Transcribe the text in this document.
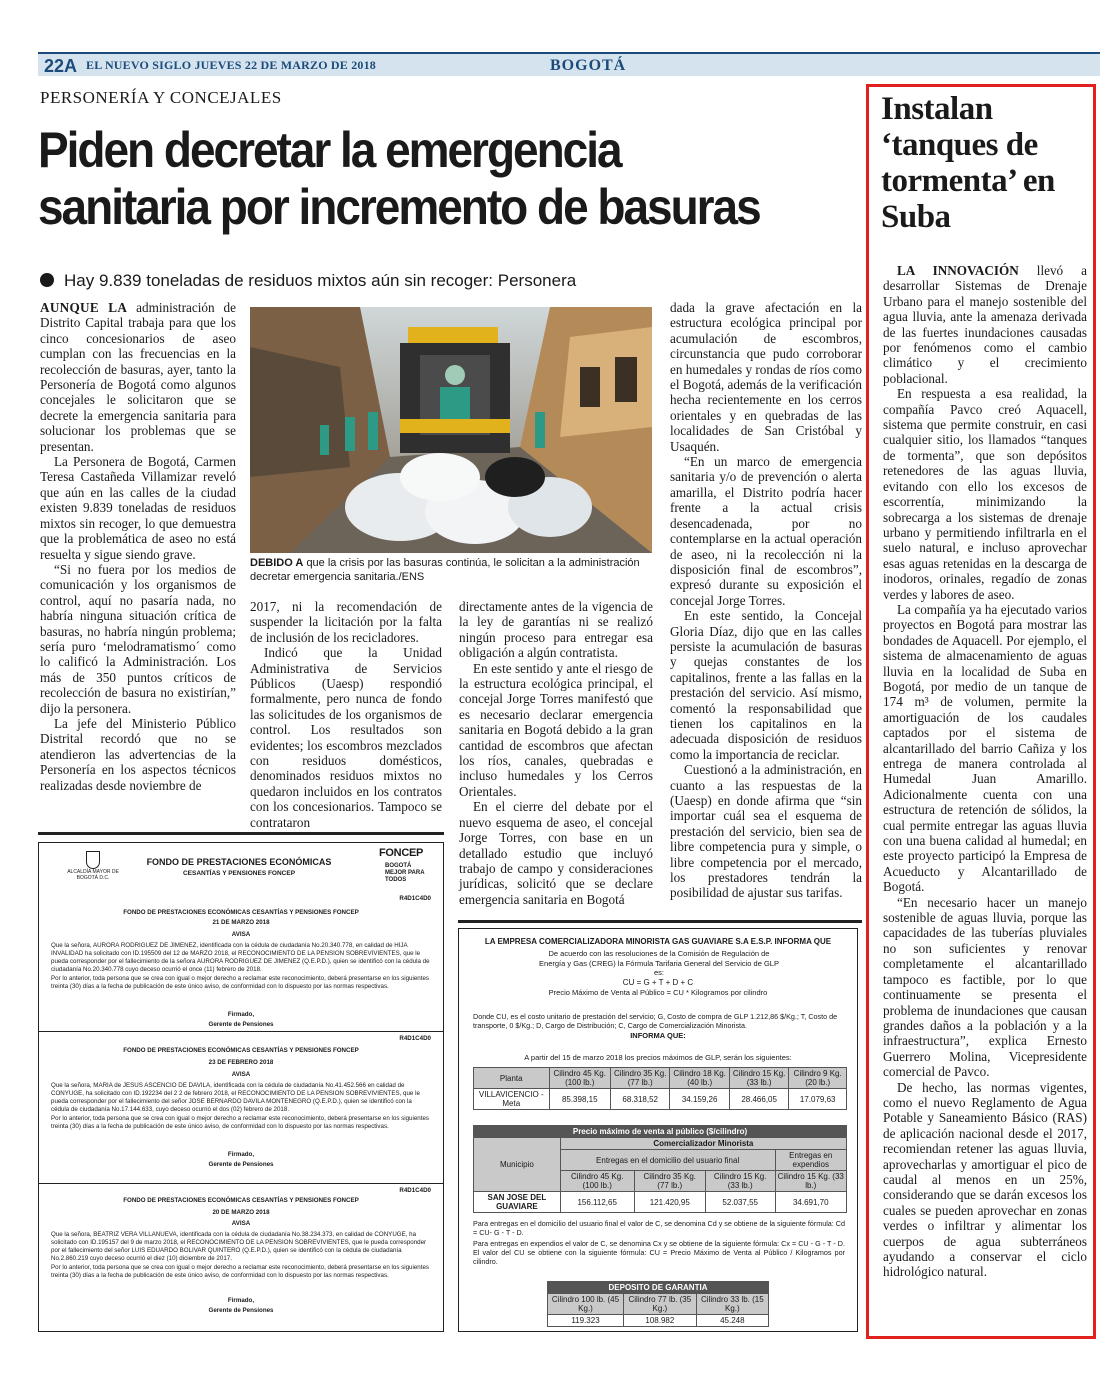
22A EL NUEVO SIGLO JUEVES 22 DE MARZO DE 2018	BOGOTÁ
PERSONERÍA Y CONCEJALES
Piden decretar la emergencia sanitaria por incremento de basuras
Hay 9.839 toneladas de residuos mixtos aún sin recoger: Personera

AUNQUE LA administración de Distrito Capital trabaja para que los cinco concesionarios de aseo cumplan con las frecuencias en la recolección de basuras, ayer, tanto la Personería de Bogotá como algunos concejales le solicitaron que se decrete la emergencia sanitaria para solucionar los problemas que se presentan.

La Personera de Bogotá, Carmen Teresa Castañeda Villamizar reveló que aún en las calles de la ciudad existen 9.839 toneladas de residuos mixtos sin recoger, lo que demuestra que la problemática de aseo no está resuelta y sigue siendo grave.

“Si no fuera por los medios de comunicación y los organismos de control, aquí no pasaría nada, no habría ninguna situación crítica de basuras, no habría ningún problema; sería puro ‘melodramatismo´ como lo calificó la Administración. Los más de 350 puntos críticos de recolección de basura no existirían,” dijo la personera.

La jefe del Ministerio Público Distrital recordó que no se atendieron las advertencias de la Personería en los aspectos técnicos realizadas desde noviembre de

DEBIDO A que la crisis por las basuras continúa, le solicitan a la administración decretar emergencia sanitaria./ENS

2017, ni la recomendación de suspender la licitación por la falta de inclusión de los recicladores.

Indicó que la Unidad Administrativa de Servicios Públicos (Uaesp) respondió formalmente, pero nunca de fondo las solicitudes de los organismos de control. Los resultados son evidentes; los escombros mezclados con residuos domésticos, denominados residuos mixtos no quedaron incluidos en los contratos con los concesionarios. Tampoco se contrataron

directamente antes de la vigencia de la ley de garantías ni se realizó ningún proceso para entregar esa obligación a algún contratista.

En este sentido y ante el riesgo de la estructura ecológica principal, el concejal Jorge Torres manifestó que es necesario declarar emergencia sanitaria en Bogotá debido a la gran cantidad de escombros que afectan los ríos, canales, quebradas e incluso humedales y los Cerros Orientales.

En el cierre del debate por el nuevo esquema de aseo, el concejal Jorge Torres, con base en un detallado estudio que incluyó trabajo de campo y consideraciones jurídicas, solicitó que se declare emergencia sanitaria en Bogotá

dada la grave afectación en la estructura ecológica principal por acumulación de escombros, circunstancia que pudo corroborar en humedales y rondas de ríos como el Bogotá, además de la verificación hecha recientemente en los cerros orientales y en quebradas de las localidades de San Cristóbal y Usaquén.

“En un marco de emergencia sanitaria y/o de prevención o alerta amarilla, el Distrito podría hacer frente a la actual crisis desencadenada, por no contemplarse en la actual operación de aseo, ni la recolección ni la disposición final de escombros”, expresó durante su exposición el concejal Jorge Torres.

En este sentido, la Concejal Gloria Díaz, dijo que en las calles persiste la acumulación de basuras y quejas constantes de los capitalinos, frente a las fallas en la prestación del servicio. Así mismo, comentó la responsabilidad que tienen los capitalinos en la adecuada disposición de residuos como la importancia de reciclar.

Cuestionó a la administración, en cuanto a las respuestas de la (Uaesp) en donde afirma que “sin importar cuál sea el esquema de prestación del servicio, bien sea de libre competencia pura y simple, o libre competencia por el mercado, los prestadores tendrán la posibilidad de ajustar sus tarifas.

ALCALDÍA MAYOR DE BOGOTÁ D.C.
FONDO DE PRESTACIONES ECONÓMICAS
CESANTÍAS Y PENSIONES FONCEP
FONCEP
BOGOTÁ MEJOR PARA TODOS
R4D1C4D0
FONDO DE PRESTACIONES ECONÓMICAS CESANTÍAS Y PENSIONES FONCEP
21 DE MARZO 2018
AVISA
Que la señora, AURORA RODRIGUEZ DE JIMENEZ, identificada con la cédula de ciudadanía No.20.340.778, en calidad de HIJA INVALIDAD ha solicitado con ID.195509 del 12 de MARZO 2018, el RECONOCIMIENTO DE LA PENSION SOBREVIVIENTES, que le pueda corresponder por el fallecimiento de la señora AURORA RODRIGUEZ DE JIMENEZ (Q.E.P.D.), quien se identificó con la cédula de ciudadanía No.20.340.778 cuyo deceso ocurrió el once (11) febrero de 2018.
Por lo anterior, toda persona que se crea con igual o mejor derecho a reclamar este reconocimiento, deberá presentarse en los siguientes treinta (30) días a la fecha de publicación de este único aviso, de conformidad con lo dispuesto por las normas respectivas.
Firmado,
Gerente de Pensiones
R4D1C4D0
FONDO DE PRESTACIONES ECONÓMICAS CESANTÍAS Y PENSIONES FONCEP
23 DE FEBRERO 2018
AVISA
Que la señora, MARIA de JESUS ASCENCIO DE DAVILA, identificada con la cédula de ciudadanía No.41.452.566 en calidad de CONYUGE, ha solicitado con ID.192234 del 2 2 de febrero 2018, el RECONOCIMIENTO DE LA PENSION SOBREVIVIENTES, que le pueda corresponder por el fallecimiento del señor JOSE BERNARDO DAVILA MONTENEGRO (Q.E.P.D.), quien se identificó con la cédula de ciudadanía No.17.144.633, cuyo deceso ocurrió el dos (02) febrero de 2018.
Por lo anterior, toda persona que se crea con igual o mejor derecho a reclamar este reconocimiento, deberá presentarse en los siguientes treinta (30) días a la fecha de publicación de este único aviso, de conformidad con lo dispuesto por las normas respectivas.
Firmado,
Gerente de Pensiones
R4D1C4D0
FONDO DE PRESTACIONES ECONÓMICAS CESANTÍAS Y PENSIONES FONCEP
20 DE MARZO 2018
AVISA
Que la señora, BEATRIZ VERA VILLANUEVA, identificada con la cédula de ciudadanía No.38.234.373, en calidad de CONYUGE, ha solicitado con ID.195157 del 9 de marzo 2018, el RECONOCIMIENTO DE LA PENSION SOBREVIVIENTES, que le pueda corresponder por el fallecimiento del señor LUIS EDUARDO BOLIVAR QUINTERO (Q.E.P.D.), quien se identificó con la cédula de ciudadanía No.2.860.219 cuyo deceso ocurrió el diez (10) diciembre de 2017.
Por lo anterior, toda persona que se crea con igual o mejor derecho a reclamar este reconocimiento, deberá presentarse en los siguientes treinta (30) días a la fecha de publicación de este único aviso, de conformidad con lo dispuesto por las normas respectivas.
Firmado,
Gerente de Pensiones
LA EMPRESA COMERCIALIZADORA MINORISTA GAS GUAVIARE S.A E.S.P. INFORMA QUE
De acuerdo con las resoluciones de la Comisión de Regulación de Energía y Gas (CREG) la Fórmula Tarifaria General del Servicio de GLP es:
CU = G + T + D + C
Precio Máximo de Venta al Público = CU * Kilogramos por cilindro
Donde CU, es el costo unitario de prestación del servicio; G, Costo de compra de GLP 1.212,86 $/Kg.; T, Costo de transporte, 0 $/Kg.; D, Cargo de Distribución; C, Cargo de Comercialización Minorista.
INFORMA QUE:
A partir del 15 de marzo 2018 los precios máximos de GLP, serán los siguientes:
Planta	Cilindro 45 Kg. (100 lb.)	Cilindro 35 Kg. (77 lb.)	Cilindro 18 Kg. (40 lb.)	Cilindro 15 Kg. (33 lb.)	Cilindro 9 Kg. (20 lb.)
VILLAVICENCIO - Meta	85.398,15	68.318,52	34.159,26	28.466,05	17.079,63
Precio máximo de venta al público ($/cilindro)				
Municipio	Comercializador Minorista			
	Entregas en el domicilio del usuario final			Entregas en expendios
	Cilindro 45 Kg. (100 lb.)	Cilindro 35 Kg. (77 lb.)	Cilindro 15 Kg. (33 lb.)	Cilindro 15 Kg. (33 lb.)
SAN JOSE DEL GUAVIARE	156.112,65	121.420,95	52.037,55	34.691,70
Para entregas en el domicilio del usuario final el valor de C, se denomina Cd y se obtiene de la siguiente fórmula: Cd = CU- G - T - D.
Para entregas en expendios el valor de C, se denomina Cx y se obtiene de la siguiente fórmula: Cx = CU - G - T - D. El valor del CU se obtiene con la siguiente fórmula: CU = Precio Máximo de Venta al Público / Kilogramos por cilindro.
DEPOSITO DE GARANTIA		
Cilindro 100 lb. (45 Kg.)	Cilindro 77 lb. (35 Kg.)	Cilindro 33 lb. (15 Kg.)
119.323	108.982	45.248
Instalan ‘tanques de tormenta’ en Suba

LA INNOVACIÓN llevó a desarrollar Sistemas de Drenaje Urbano para el manejo sostenible del agua lluvia, ante la amenaza derivada de las fuertes inundaciones causadas por fenómenos como el cambio climático y el crecimiento poblacional.

En respuesta a esa realidad, la compañía Pavco creó Aquacell, sistema que permite construir, en casi cualquier sitio, los llamados “tanques de tormenta”, que son depósitos retenedores de las aguas lluvia, evitando con ello los excesos de escorrentía, minimizando la sobrecarga a los sistemas de drenaje urbano y permitiendo infiltrarla en el suelo natural, e incluso aprovechar esas aguas retenidas en la descarga de inodoros, orinales, regadío de zonas verdes y labores de aseo.

La compañía ya ha ejecutado varios proyectos en Bogotá para mostrar las bondades de Aquacell. Por ejemplo, el sistema de almacenamiento de aguas lluvia en la localidad de Suba en Bogotá, por medio de un tanque de 174 m³ de volumen, permite la amortiguación de los caudales captados por el sistema de alcantarillado del barrio Cañiza y los entrega de manera controlada al Humedal Juan Amarillo. Adicionalmente cuenta con una estructura de retención de sólidos, la cual permite entregar las aguas lluvia con una buena calidad al humedal; en este proyecto participó la Empresa de Acueducto y Alcantarillado de Bogotá.

“En necesario hacer un manejo sostenible de aguas lluvia, porque las capacidades de las tuberías pluviales no son suficientes y renovar completamente el alcantarillado tampoco es factible, por lo que continuamente se presenta el problema de inundaciones que causan grandes daños a la población y a la infraestructura”, explica Ernesto Guerrero Molina, Vicepresidente comercial de Pavco.

De hecho, las normas vigentes, como el nuevo Reglamento de Agua Potable y Saneamiento Básico (RAS) de aplicación nacional desde el 2017, recomiendan retener las aguas lluvia, aprovecharlas y amortiguar el pico de caudal al menos en un 25%, considerando que se darán excesos los cuales se pueden aprovechar en zonas verdes o infiltrar y alimentar los cuerpos de agua subterráneos ayudando a conservar el ciclo hidrológico natural.
